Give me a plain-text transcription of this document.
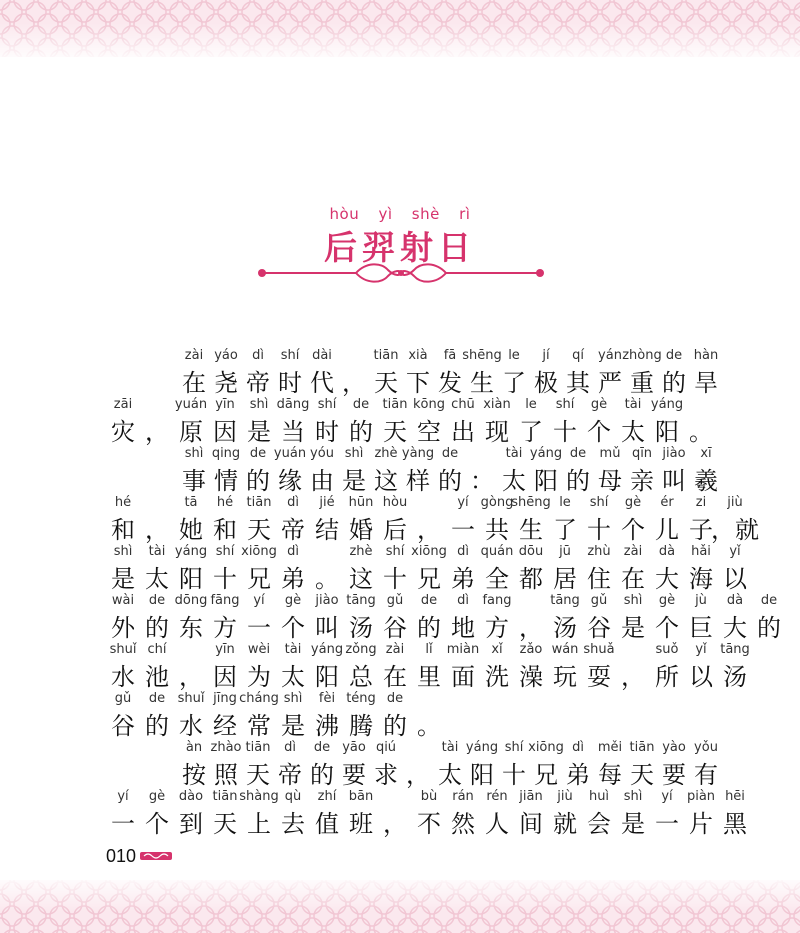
hòu yì shè rì
后羿射日
zài yáo	dì	shí dài	tiān xià	fā shēng le	jí	qí	yán zhòng de hàn
在 尧 帝 时 代 ， 天 下 发 生 了 极 其 严 重 的 旱
zāi	yuán yīn	shì dāng shí	de	tiān kōng chū xiàn	le	shí	gè	tài yáng
灾 ， 原 因 是 当 时 的 天 空 出 现 了 十 个 太 阳 。
shì qing de yuán yóu shì zhè yàng de	tài yáng de	mǔ qīn jiào	xī
事 情 的 缘 由 是 这 样 的 ： 太 阳 的 母 亲 叫 羲
hé	tā	hé	tiān	dì	jié	hūn hòu	yí gòng
shēng le	shí	gè	ér	zi	jiù
和 ， 她 和 天 帝 结 婚 后 ， 一 共 生 了 十 个 儿 子
，就
shì	tài yáng shí xiōng dì	zhè	shí xiōng dì quán dōu	jū	zhù	zài	dà	hǎi	yǐ
是 太 阳 十 兄 弟 。 这 十 兄 弟 全 都 居 住 在 大 海 以
wài	de dōng fāng	yí	gè	jiào tāng gǔ	de	dì	fang	tāng gǔ	shì	gè	jù	dà	de
外 的 东 方 一 个 叫 汤 谷 的 地 方 ， 汤 谷 是 个 巨 大 的
shuǐ chí	yīn	wèi	tài yáng zǒng zài	lǐ	miàn xǐ	zǎo wán shuǎ	suǒ	yǐ	tāng
水 池 ， 因 为 太 阳 总 在 里 面 洗 澡 玩 耍 ， 所 以 汤
gǔ	de shuǐ jīng cháng shì	fèi téng de
谷 的 水 经 常 是 沸 腾 的 。
àn zhào tiān	dì	de yāo qiú	tài yáng shí xiōng dì	měi tiān yào yǒu
按 照 天 帝 的 要 求 ， 太 阳 十 兄 弟 每 天 要 有
yí	gè	dào tiān shàng qù	zhí bān	bù	rán rén jiān	jiù	huì	shì	yí	piàn hēi
一 个 到 天 上 去 值 班 ， 不 然 人 间 就 会 是 一 片 黑
010
